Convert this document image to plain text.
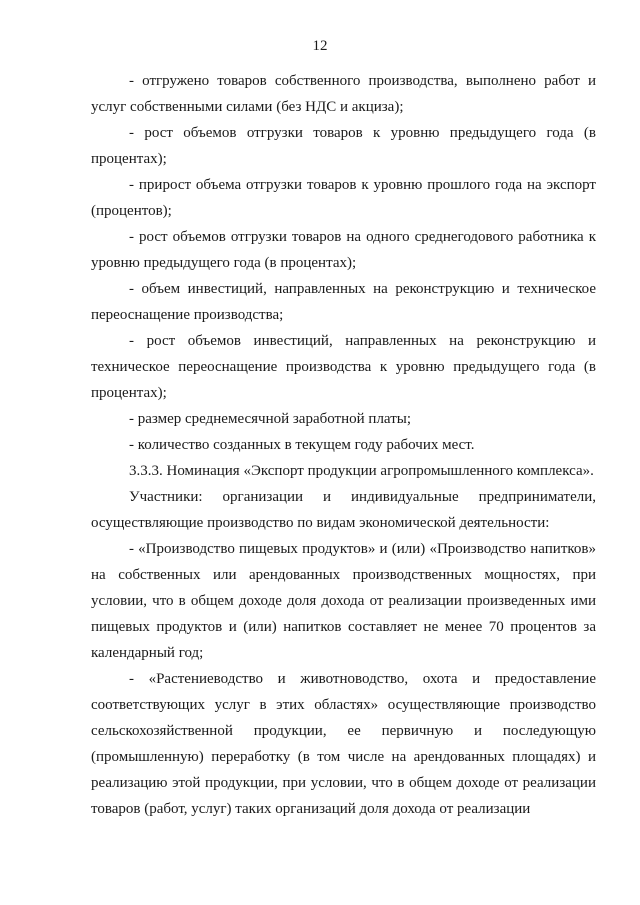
12

- отгружено товаров собственного производства, выполнено работ и услуг собственными силами (без НДС и акциза);

- рост объемов отгрузки товаров к уровню предыдущего года (в процентах);

- прирост объема отгрузки товаров к уровню прошлого года на экспорт (процентов);

- рост объемов отгрузки товаров на одного среднегодового работника к уровню предыдущего года (в процентах);

- объем инвестиций, направленных на реконструкцию и техническое переоснащение производства;

- рост объемов инвестиций, направленных на реконструкцию и техническое переоснащение производства к уровню предыдущего года (в процентах);

- размер среднемесячной заработной платы;

- количество созданных в текущем году рабочих мест.

3.3.3. Номинация «Экспорт продукции агропромышленного комплекса».

Участники: организации и индивидуальные предприниматели, осуществляющие производство по видам экономической деятельности:

- «Производство пищевых продуктов» и (или) «Производство напитков» на собственных или арендованных производственных мощностях, при условии, что в общем доходе доля дохода от реализации произведенных ими пищевых продуктов и (или) напитков составляет не менее 70 процентов за календарный год;

- «Растениеводство и животноводство, охота и предоставление соответствующих услуг в этих областях» осуществляющие производство сельскохозяйственной продукции, ее первичную и последующую (промышленную) переработку (в том числе на арендованных площадях) и реализацию этой продукции, при условии, что в общем доходе от реализации товаров (работ, услуг) таких организаций доля дохода от реализации
